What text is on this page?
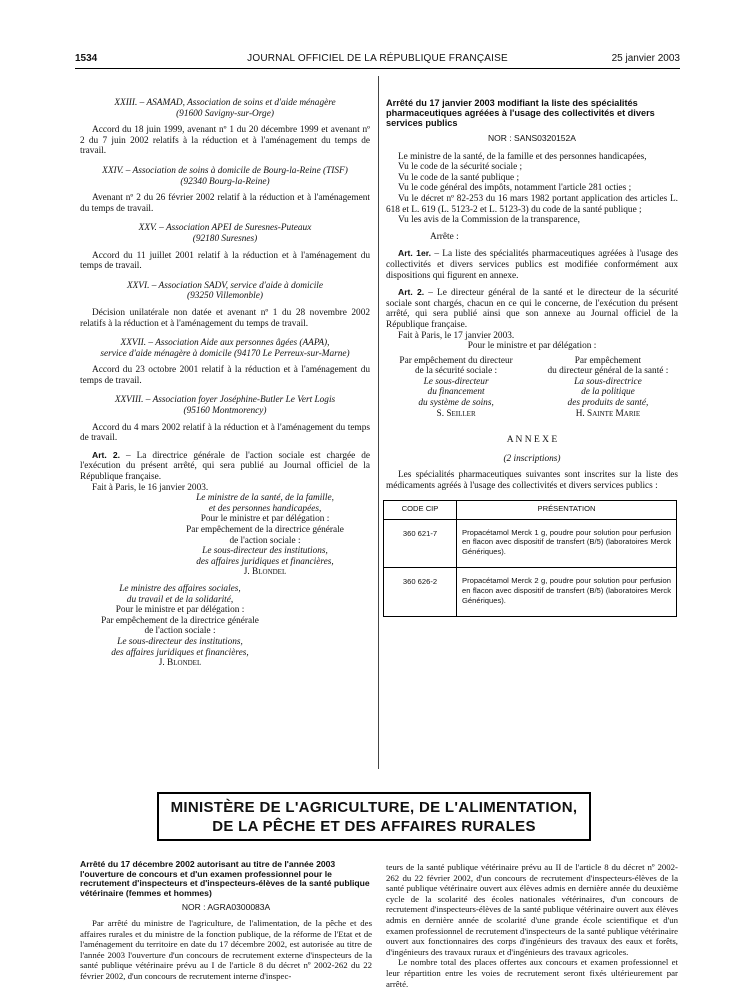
1534	JOURNAL OFFICIEL DE LA RÉPUBLIQUE FRANÇAISE	25 janvier 2003

XXIII. – ASAMAD, Association de soins et d'aide ménagère

(91600 Savigny-sur-Orge)

Accord du 18 juin 1999, avenant nº 1 du 20 décembre 1999 et avenant nº 2 du 7 juin 2002 relatifs à la réduction et à l'aménagement du temps de travail.

XXIV. – Association de soins à domicile de Bourg-la-Reine (TISF)

(92340 Bourg-la-Reine)

Avenant nº 2 du 26 février 2002 relatif à la réduction et à l'aménagement du temps de travail.

XXV. – Association APEI de Suresnes-Puteaux

(92180 Suresnes)

Accord du 11 juillet 2001 relatif à la réduction et à l'aménagement du temps de travail.

XXVI. – Association SADV, service d'aide à domicile

(93250 Villemonble)

Décision unilatérale non datée et avenant nº 1 du 28 novembre 2002 relatifs à la réduction et à l'aménagement du temps de travail.

XXVII. – Association Aide aux personnes âgées (AAPA),

service d'aide ménagère à domicile (94170 Le Perreux-sur-Marne)

Accord du 23 octobre 2001 relatif à la réduction et à l'aménagement du temps de travail.

XXVIII. – Association foyer Joséphine-Butler Le Vert Logis

(95160 Montmorency)

Accord du 4 mars 2002 relatif à la réduction et à l'aménagement du temps de travail.

Art. 2. – La directrice générale de l'action sociale est chargée de l'exécution du présent arrêté, qui sera publié au Journal officiel de la République française.

Fait à Paris, le 16 janvier 2003.

Le ministre de la santé, de la famille,

et des personnes handicapées,

Pour le ministre et par délégation :

Par empêchement de la directrice générale

de l'action sociale :

Le sous-directeur des institutions,

des affaires juridiques et financières,

J. Blondel

Le ministre des affaires sociales,

du travail et de la solidarité,

Pour le ministre et par délégation :

Par empêchement de la directrice générale

de l'action sociale :

Le sous-directeur des institutions,

des affaires juridiques et financières,

J. Blondel

Arrêté du 17 janvier 2003 modifiant la liste des spécialités pharmaceutiques agréées à l'usage des collectivités et divers services publics

NOR : SANS0320152A

Le ministre de la santé, de la famille et des personnes handicapées,

Vu le code de la sécurité sociale ;

Vu le code de la santé publique ;

Vu le code général des impôts, notamment l'article 281 octies ;

Vu le décret nº 82-253 du 16 mars 1982 portant application des articles L. 618 et L. 619 (L. 5123-2 et L. 5123-3) du code de la santé publique ;

Vu les avis de la Commission de la transparence,

Arrête :

Art. 1er. – La liste des spécialités pharmaceutiques agréées à l'usage des collectivités et divers services publics est modifiée conformément aux dispositions qui figurent en annexe.

Art. 2. – Le directeur général de la santé et le directeur de la sécurité sociale sont chargés, chacun en ce qui le concerne, de l'exécution du présent arrêté, qui sera publié ainsi que son annexe au Journal officiel de la République française.

Fait à Paris, le 17 janvier 2003.

Pour le ministre et par délégation :

Par empêchement du directeur

de la sécurité sociale :

Le sous-directeur

du financement

du système de soins,

S. Seiller

Par empêchement

du directeur général de la santé :

La sous-directrice

de la politique

des produits de santé,

H. Sainte Marie

A N N E X E

(2 inscriptions)

Les spécialités pharmaceutiques suivantes sont inscrites sur la liste des médicaments agréés à l'usage des collectivités et divers services publics :

CODE CIP	PRÉSENTATION
360 621-7	Propacétamol Merck 1 g, poudre pour solution pour perfusion en flacon avec dispositif de transfert (B/5) (laboratoires Merck Génériques).
360 626-2	Propacétamol Merck 2 g, poudre pour solution pour perfusion en flacon avec dispositif de transfert (B/5) (laboratoires Merck Génériques).
MINISTÈRE DE L'AGRICULTURE, DE L'ALIMENTATION,
DE LA PÊCHE ET DES AFFAIRES RURALES

Arrêté du 17 décembre 2002 autorisant au titre de l'année 2003 l'ouverture de concours et d'un examen professionnel pour le recrutement d'inspecteurs et d'inspecteurs-élèves de la santé publique vétérinaire (femmes et hommes)

NOR : AGRA0300083A

Par arrêté du ministre de l'agriculture, de l'alimentation, de la pêche et des affaires rurales et du ministre de la fonction publique, de la réforme de l'Etat et de l'aménagement du territoire en date du 17 décembre 2002, est autorisée au titre de l'année 2003 l'ouverture d'un concours de recrutement externe d'inspecteurs de la santé publique vétérinaire prévu au I de l'article 8 du décret nº 2002-262 du 22 février 2002, d'un concours de recrutement interne d'inspec-

teurs de la santé publique vétérinaire prévu au II de l'article 8 du décret nº 2002-262 du 22 février 2002, d'un concours de recrutement d'inspecteurs-élèves de la santé publique vétérinaire ouvert aux élèves admis en dernière année du deuxième cycle de la scolarité des écoles nationales vétérinaires, d'un concours de recrutement d'inspecteurs-élèves de la santé publique vétérinaire ouvert aux élèves admis en dernière année de scolarité d'une grande école scientifique et d'un examen professionnel de recrutement d'inspecteurs de la santé publique vétérinaire ouvert aux fonctionnaires des corps d'ingénieurs des travaux des eaux et forêts, d'ingénieurs des travaux ruraux et d'ingénieurs des travaux agricoles.

Le nombre total des places offertes aux concours et examen professionnel et leur répartition entre les voies de recrutement seront fixés ultérieurement par arrêté.
